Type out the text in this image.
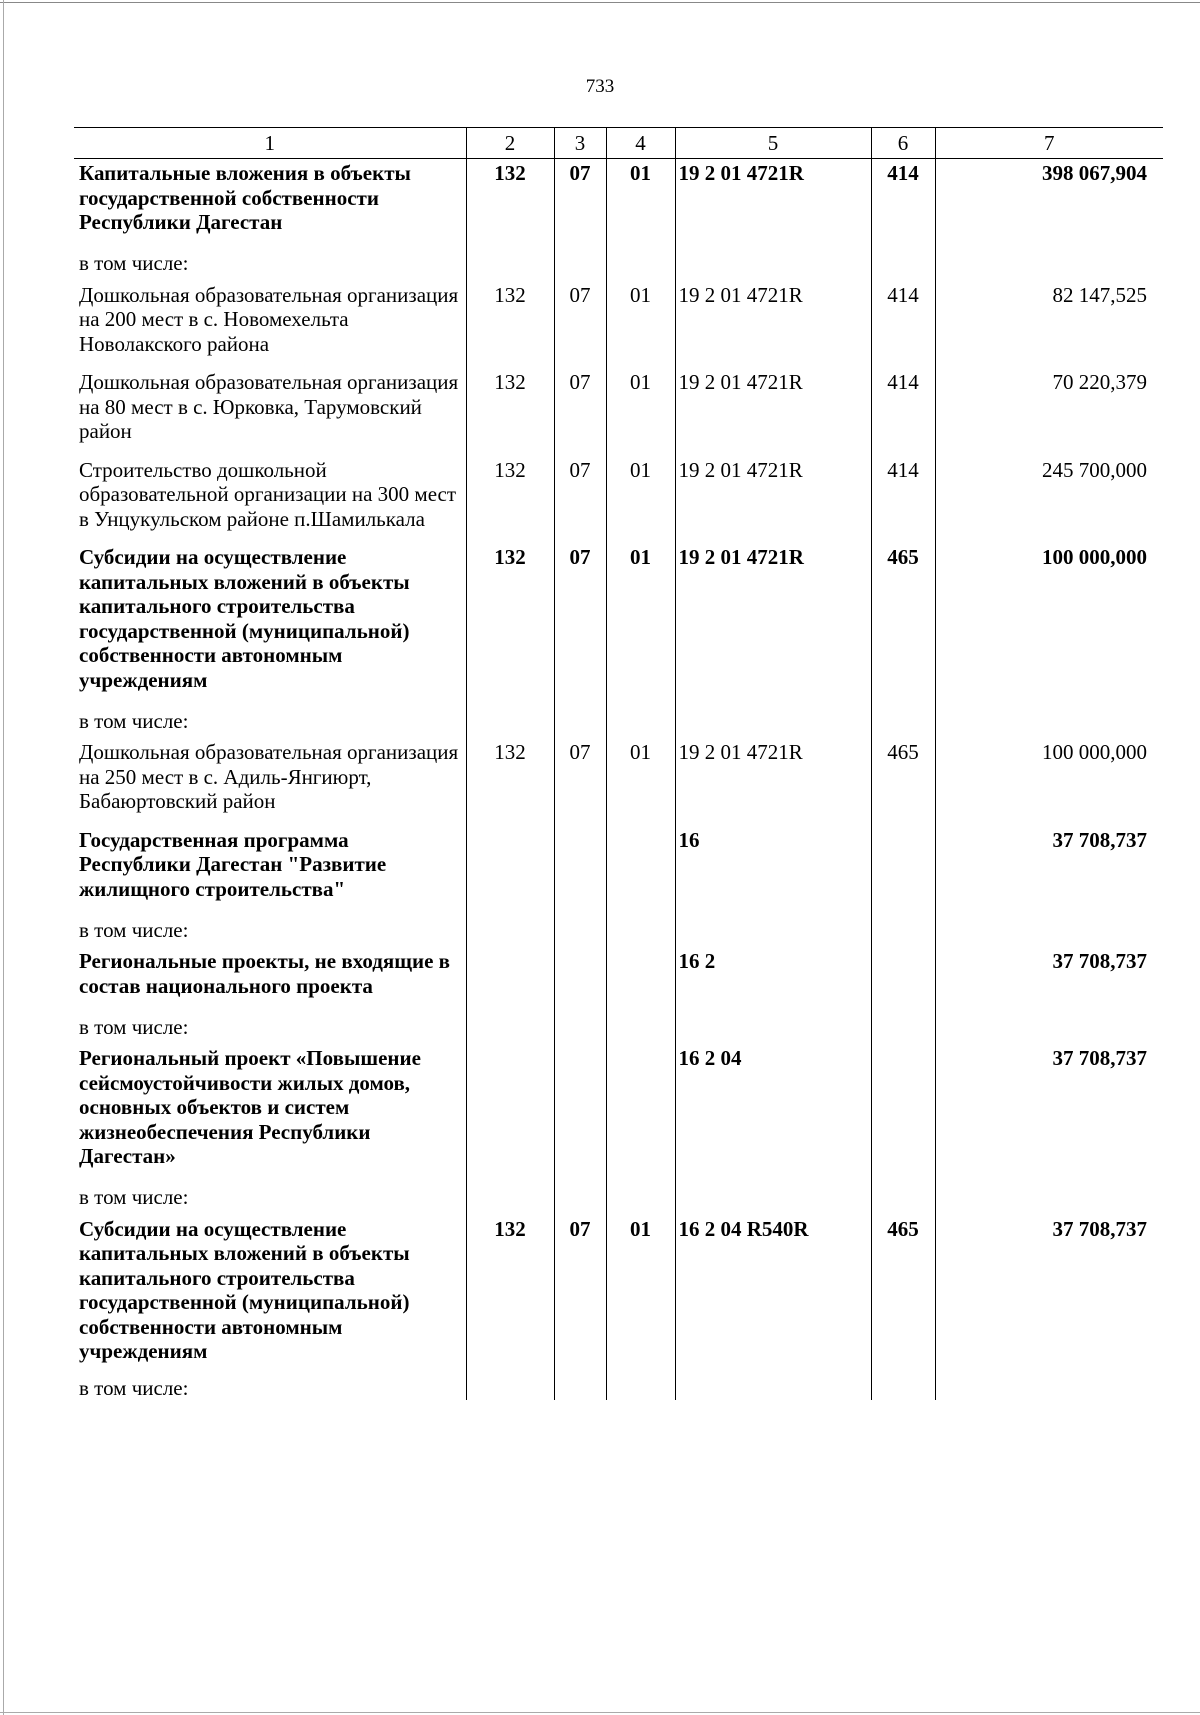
733
1	2	3	4	5	6	7
Капитальные вложения в объекты государственной собственности Республики Дагестан	132	07	01	19 2 01 4721R	414	398 067,904
в том числе:						
Дошкольная образовательная организация на 200 мест в с. Новомехельта Новолакского района	132	07	01	19 2 01 4721R	414	82 147,525
Дошкольная образовательная организация на 80 мест в с. Юрковка, Тарумовский район	132	07	01	19 2 01 4721R	414	70 220,379
Строительство дошкольной образовательной организации на 300 мест в Унцукульском районе п.Шамилькала	132	07	01	19 2 01 4721R	414	245 700,000
Субсидии на осуществление капитальных вложений в объекты капитального строительства государственной (муниципальной) собственности автономным учреждениям	132	07	01	19 2 01 4721R	465	100 000,000
в том числе:						
Дошкольная образовательная организация на 250 мест в с. Адиль-Янгиюрт, Бабаюртовский район	132	07	01	19 2 01 4721R	465	100 000,000
Государственная программа Республики Дагестан "Развитие жилищного строительства"				16		37 708,737
в том числе:						
Региональные проекты, не входящие в состав национального проекта				16 2		37 708,737
в том числе:						
Региональный проект «Повышение сейсмоустойчивости жилых домов, основных объектов и систем жизнеобеспечения Республики Дагестан»				16 2 04		37 708,737
в том числе:						
Субсидии на осуществление капитальных вложений в объекты капитального строительства государственной (муниципальной) собственности автономным учреждениям	132	07	01	16 2 04 R540R	465	37 708,737
в том числе:						
